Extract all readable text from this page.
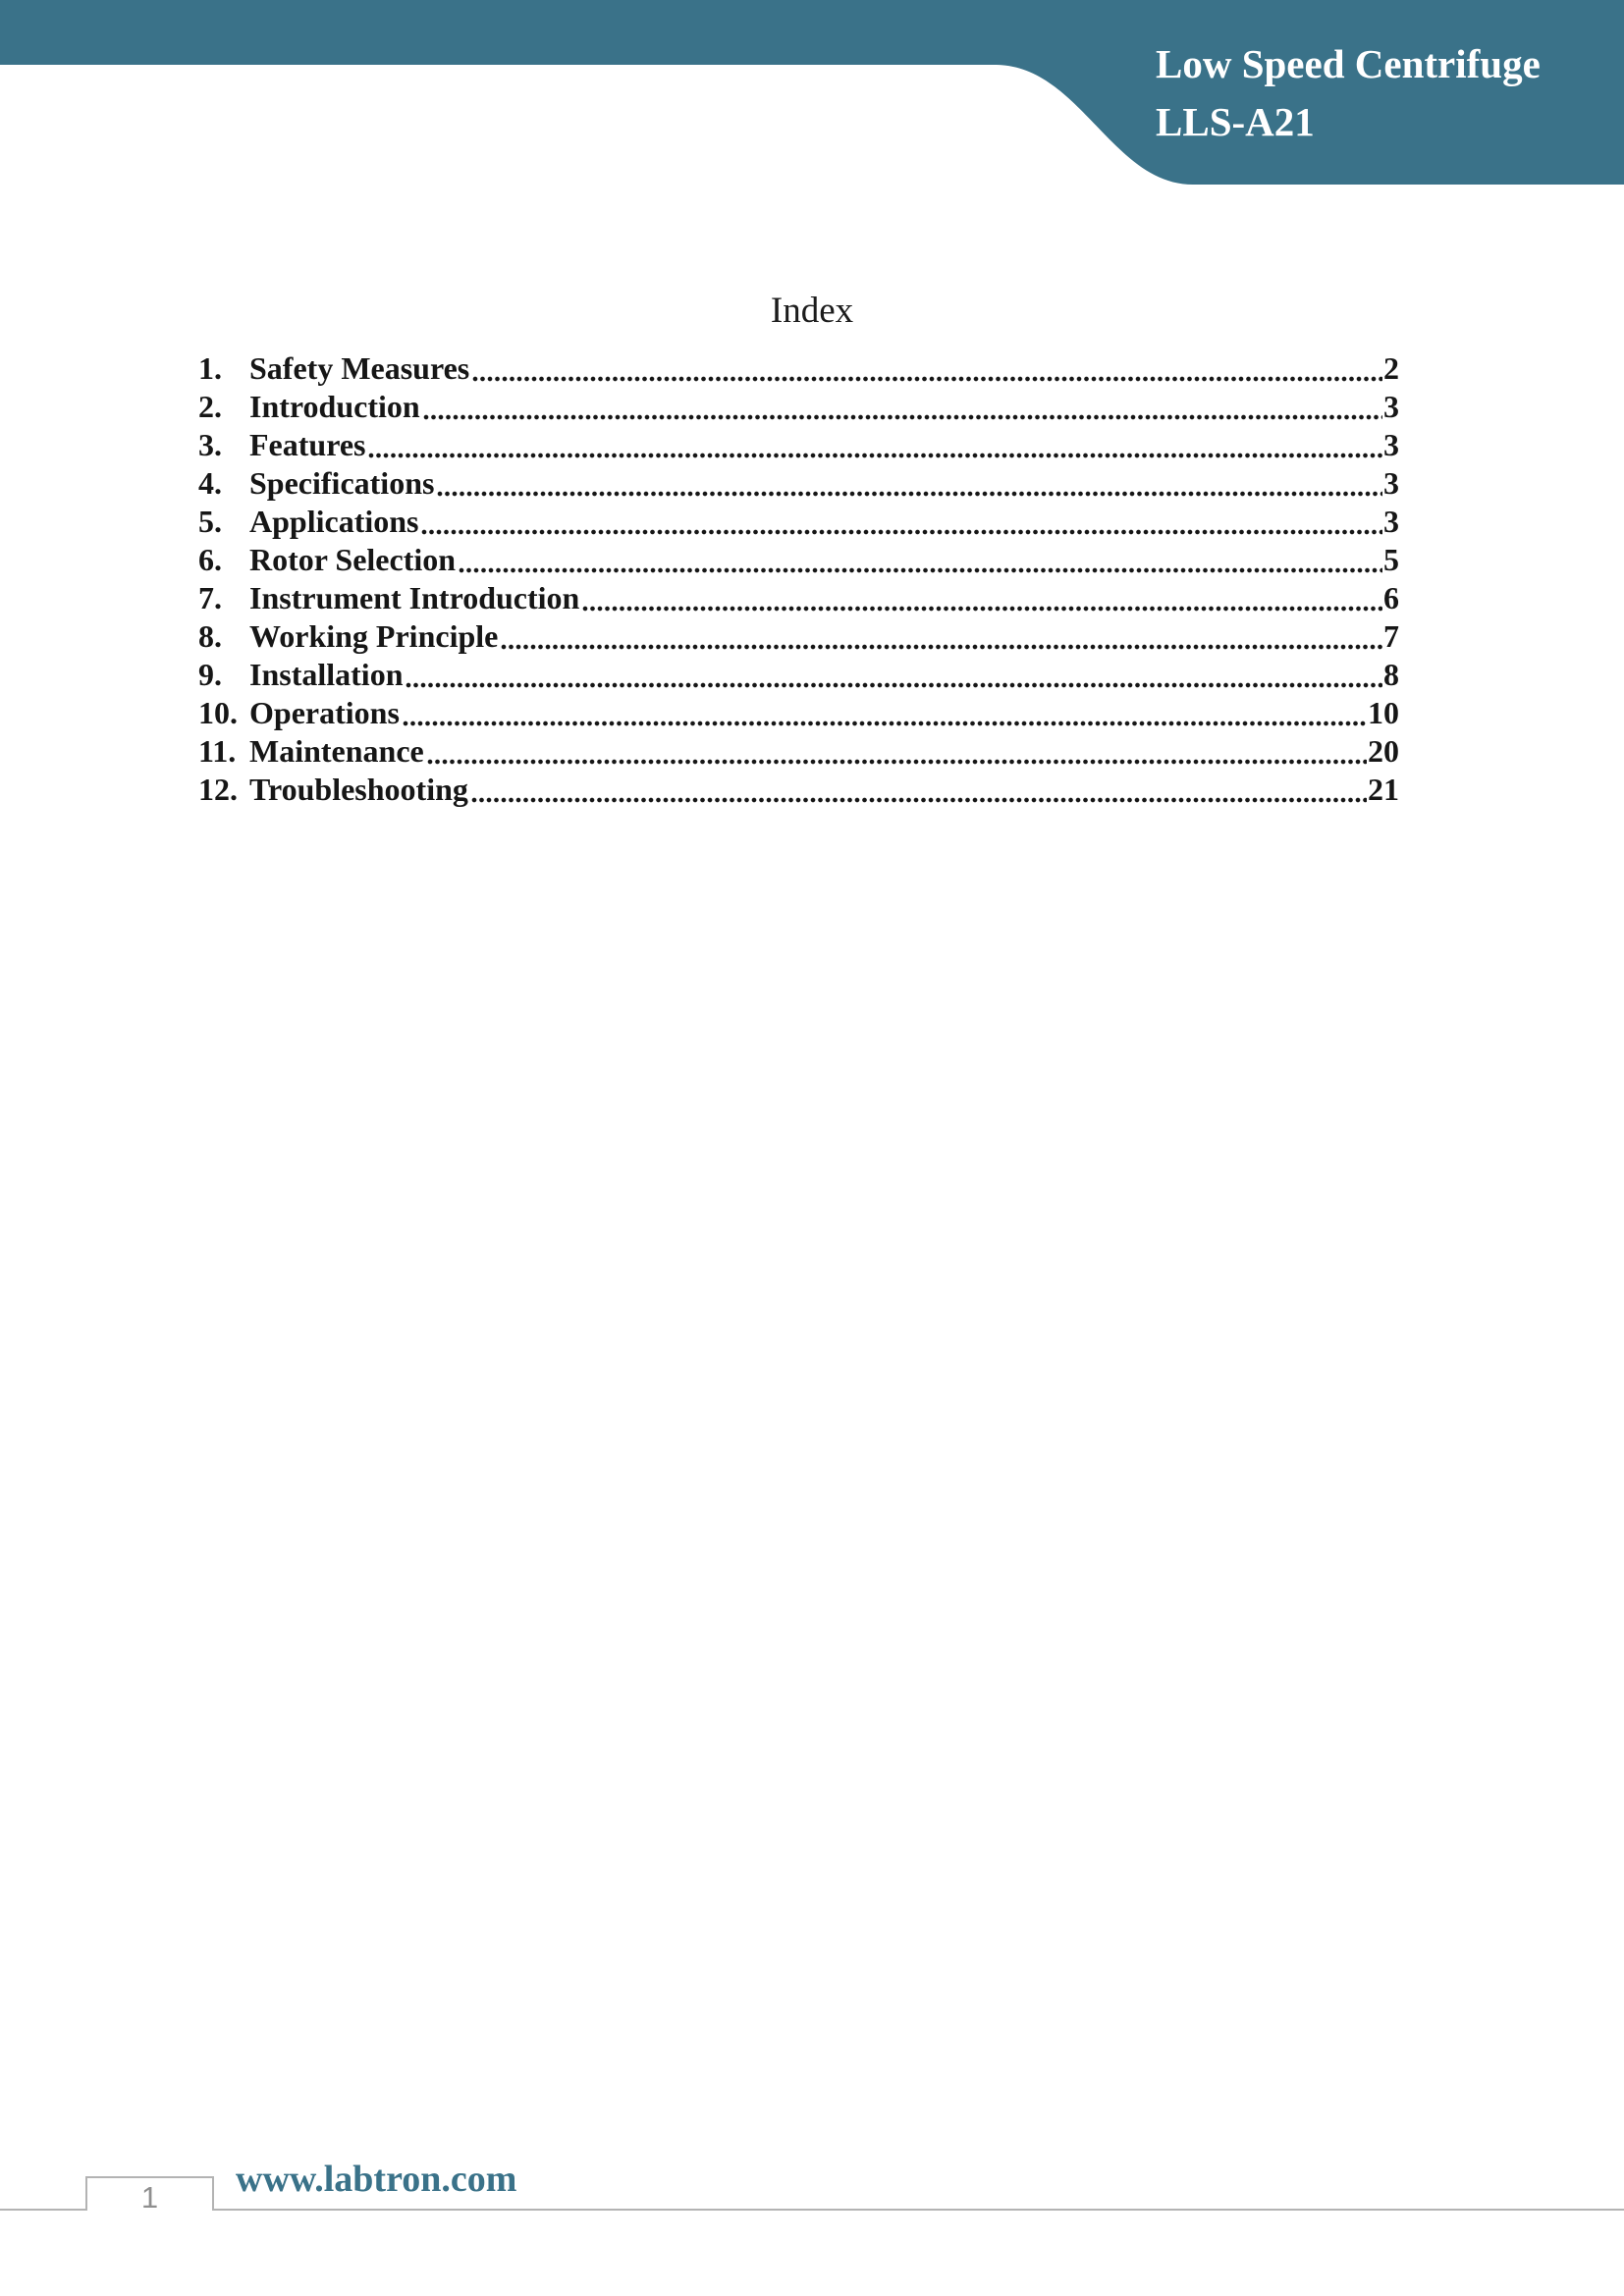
Low Speed Centrifuge
LLS-A21
Index
1. Safety Measures	2
2. Introduction	3
3. Features	3
4. Specifications	3
5. Applications	3
6. Rotor Selection	5
7. Instrument Introduction	6
8. Working Principle	7
9. Installation	8
10. Operations	10
11. Maintenance	20
12. Troubleshooting	21
1 www.labtron.com
